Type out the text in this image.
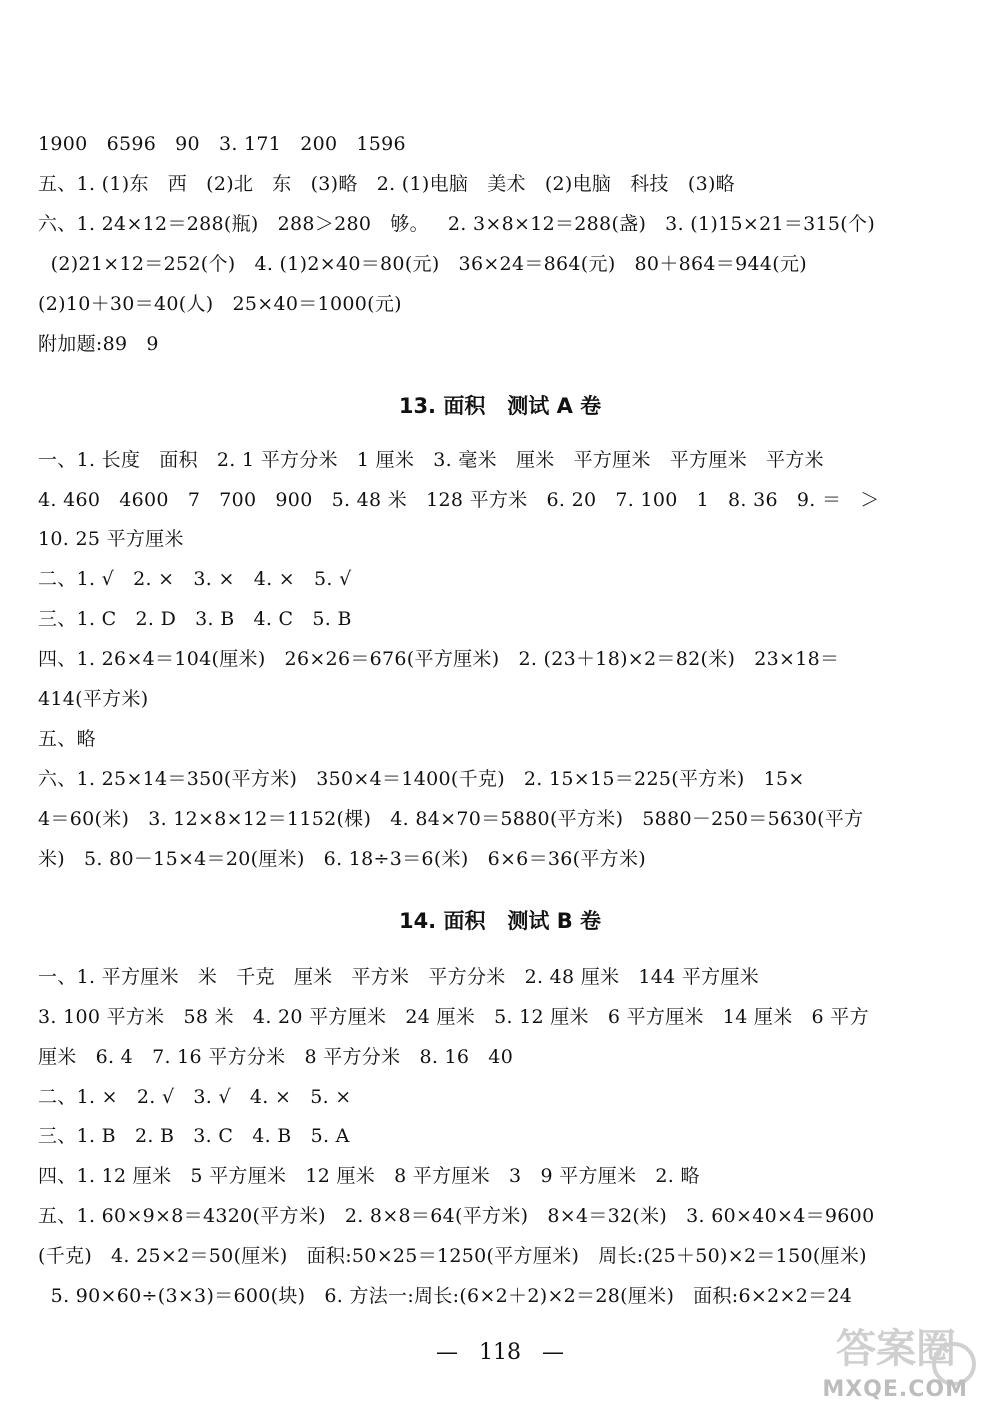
1900   6596   90   3. 171   200   1596
五、1. (1)东   西   (2)北   东   (3)略   2. (1)电脑   美术   (2)电脑   科技   (3)略
六、1. 24×12＝288(瓶)   288＞280   够。   2. 3×8×12＝288(盏)   3. (1)15×21＝315(个)
(2)21×12＝252(个)   4. (1)2×40＝80(元)   36×24＝864(元)   80＋864＝944(元)
(2)10＋30＝40(人)   25×40＝1000(元)
附加题:89   9
13. 面积   测试 A 卷
一、1. 长度   面积   2. 1 平方分米   1 厘米   3. 毫米   厘米   平方厘米   平方厘米   平方米
4. 460   4600   7   700   900   5. 48 米   128 平方米   6. 20   7. 100   1   8. 36   9. ＝   ＞
10. 25 平方厘米
二、1. √   2. ×   3. ×   4. ×   5. √
三、1. C   2. D   3. B   4. C   5. B
四、1. 26×4＝104(厘米)   26×26＝676(平方厘米)   2. (23＋18)×2＝82(米)   23×18＝
414(平方米)
五、略
六、1. 25×14＝350(平方米)   350×4＝1400(千克)   2. 15×15＝225(平方米)   15×
4＝60(米)   3. 12×8×12＝1152(棵)   4. 84×70＝5880(平方米)   5880－250＝5630(平方
米)   5. 80－15×4＝20(厘米)   6. 18÷3＝6(米)   6×6＝36(平方米)
14. 面积   测试 B 卷
一、1. 平方厘米   米   千克   厘米   平方米   平方分米   2. 48 厘米   144 平方厘米
3. 100 平方米   58 米   4. 20 平方厘米   24 厘米   5. 12 厘米   6 平方厘米   14 厘米   6 平方
厘米   6. 4   7. 16 平方分米   8 平方分米   8. 16   40
二、1. ×   2. √   3. √   4. ×   5. ×
三、1. B   2. B   3. C   4. B   5. A
四、1. 12 厘米   5 平方厘米   12 厘米   8 平方厘米   3   9 平方厘米   2. 略
五、1. 60×9×8＝4320(平方米)   2. 8×8＝64(平方米)   8×4＝32(米)   3. 60×40×4＝9600
(千克)   4. 25×2＝50(厘米)   面积:50×25＝1250(平方厘米)   周长:(25＋50)×2＝150(厘米)
5. 90×60÷(3×3)＝600(块)   6. 方法一:周长:(6×2＋2)×2＝28(厘米)   面积:6×2×2＝24
—   118   —	答案圈
MXQE.COM
